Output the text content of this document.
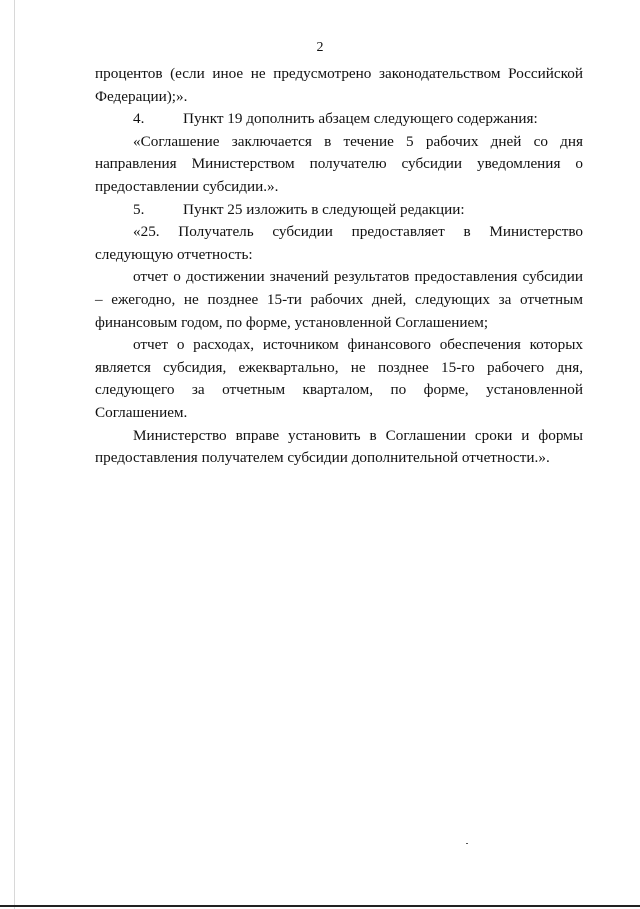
2

процентов (если иное не предусмотрено законодательством Российской Федерации);».

4.	Пункт 19 дополнить абзацем следующего содержания:

«Соглашение заключается в течение 5 рабочих дней со дня направления Министерством получателю субсидии уведомления о предоставлении субсидии.».

5.	Пункт 25 изложить в следующей редакции:

«25. Получатель субсидии предоставляет в Министерство следующую отчетность:

отчет о достижении значений результатов предоставления субсидии – ежегодно, не позднее 15-ти рабочих дней, следующих за отчетным финансовым годом, по форме, установленной Соглашением;

отчет о расходах, источником финансового обеспечения которых является субсидия, ежеквартально, не позднее 15-го рабочего дня, следующего за отчетным кварталом, по форме, установленной Соглашением.

Министерство вправе установить в Соглашении сроки и формы предоставления получателем субсидии дополнительной отчетности.».
